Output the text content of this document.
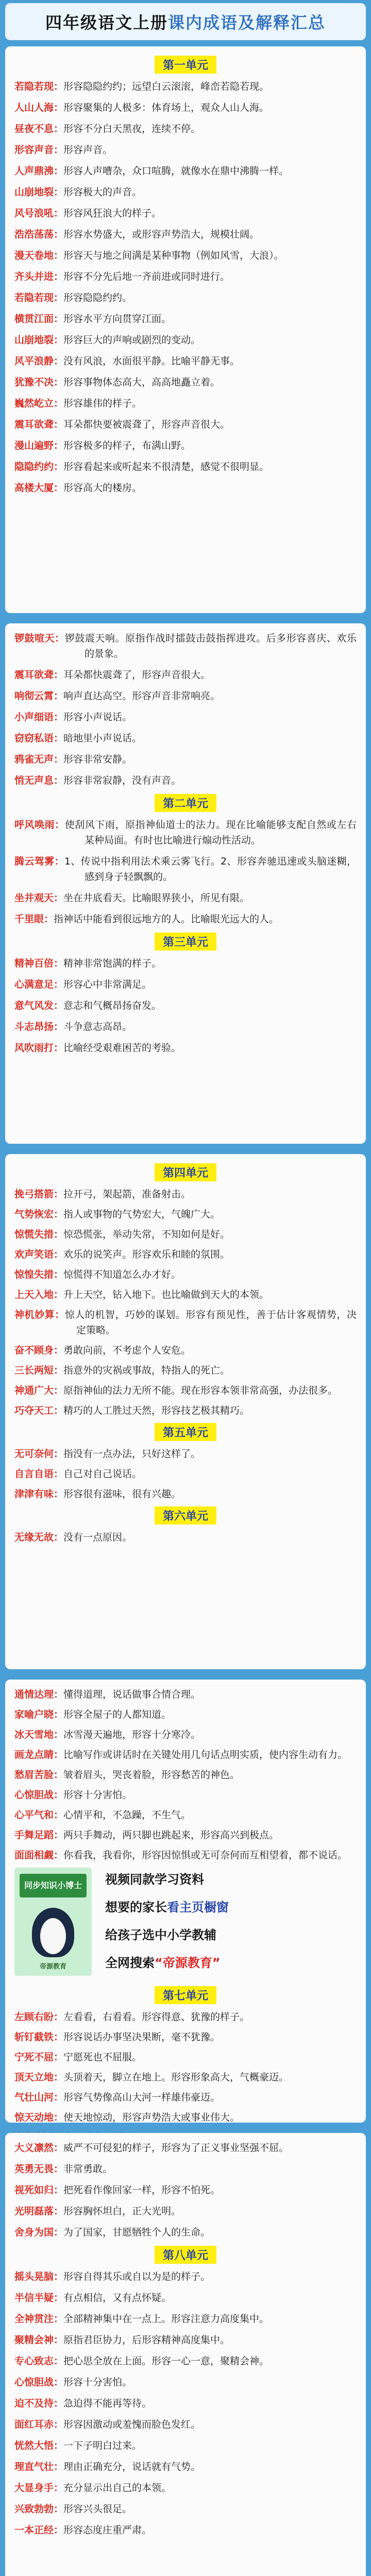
四年级语文上册课内成语及解释汇总
第一单元
若隐若现：形容隐隐约约；远望白云滚滚，峰峦若隐若现。
人山人海：形容聚集的人极多：体育场上，观众人山人海。
昼夜不息：形容不分白天黑夜，连续不停。
形容声音：形容声音。
人声鼎沸：形容人声嘈杂，众口喧腾，就像水在鼎中沸腾一样。
山崩地裂：形容极大的声音。
风号浪吼：形容风狂浪大的样子。
浩浩荡荡：形容水势盛大，或形容声势浩大，规模壮阔。
漫天卷地：形容天与地之间满是某种事物（例如风雪，大浪）。
齐头并进：形容不分先后地一齐前进或同时进行。
若隐若现：形容隐隐约约。
横贯江面：形容水平方向贯穿江面。
山崩地裂：形容巨大的声响或剧烈的变动。
风平浪静：没有风浪，水面很平静。比喻平静无事。
犹豫不决：形容事物体态高大，高高地矗立着。
巍然屹立：形容雄伟的样子。
震耳欲聋：耳朵都快要被震聋了，形容声音很大。
漫山遍野：形容极多的样子，布满山野。
隐隐约约：形容看起来或听起来不很清楚，感觉不很明显。
高楼大厦：形容高大的楼房。
锣鼓喧天：锣鼓震天响。原指作战时擂鼓击鼓指挥进攻。后多形容喜庆、欢乐的景象。
震耳欲聋：耳朵都快震聋了，形容声音很大。
响彻云霄：响声直达高空。形容声音非常响亮。
小声细语：形容小声说话。
窃窃私语：暗地里小声说话。
鸦雀无声：形容非常安静。
悄无声息：形容非常寂静，没有声音。
第二单元
呼风唤雨：使刮风下雨，原指神仙道士的法力。现在比喻能够支配自然或左右某种局面。有时也比喻进行煽动性活动。
腾云驾雾：1、传说中指利用法术乘云雾飞行。2、形容奔驰迅速或头脑迷糊，感到身子轻飘飘的。
坐井观天：坐在井底看天。比喻眼界狭小，所见有限。
千里眼：指神话中能看到很远地方的人。比喻眼光远大的人。
第三单元
精神百倍：精神非常饱满的样子。
心满意足：形容心中非常满足。
意气风发：意志和气概昂扬奋发。
斗志昂扬：斗争意志高昂。
风吹雨打：比喻经受艰难困苦的考验。
第四单元
挽弓搭箭：拉开弓，架起箭，准备射击。
气势恢宏：指人或事物的气势宏大，气魄广大。
惊慌失措：惊恐慌张，举动失常，不知如何是好。
欢声笑语：欢乐的说笑声。形容欢乐和睦的氛围。
惊惶失措：惊慌得不知道怎么办才好。
上天入地：升上天空，钻入地下。也比喻做到天大的本领。
神机妙算：惊人的机智，巧妙的谋划。形容有预见性，善于估计客观情势，决定策略。
奋不顾身：勇敢向前，不考虑个人安危。
三长两短：指意外的灾祸或事故，特指人的死亡。
神通广大：原指神仙的法力无所不能。现在形容本领非常高强，办法很多。
巧夺天工：精巧的人工胜过天然，形容技艺极其精巧。
第五单元
无可奈何：指没有一点办法，只好这样了。
自言自语：自己对自己说话。
津津有味：形容很有滋味，很有兴趣。
第六单元
无缘无故：没有一点原因。
通情达理：懂得道理，说话做事合情合理。
家喻户晓：形容全屋子的人都知道。
冰天雪地：冰雪漫天遍地，形容十分寒冷。
画龙点睛：比喻写作或讲话时在关键处用几句话点明实质，使内容生动有力。
愁眉苦脸：皱着眉头，哭丧着脸，形容愁苦的神色。
心惊胆战：形容十分害怕。
心平气和：心情平和，不急躁，不生气。
手舞足蹈：两只手舞动，两只脚也跳起来，形容高兴到极点。
面面相觑：你看我，我看你，形容因惊惧或无可奈何而互相望着，都不说话。
同步知识小博士
帝源教育
视频同款学习资料
想要的家长看主页橱窗
给孩子选中小学教辅
全网搜索“帝源教育”
第七单元
左顾右盼：左看看，右看看。形容得意、犹豫的样子。
斩钉截铁：形容说话办事坚决果断，毫不犹豫。
宁死不屈：宁愿死也不屈服。
顶天立地：头顶着天，脚立在地上。形容形象高大，气概豪迈。
气壮山河：形容气势像高山大河一样雄伟豪迈。
惊天动地：使天地惊动，形容声势浩大或事业伟大。
大义凛然：威严不可侵犯的样子，形容为了正义事业坚强不屈。
英勇无畏：非常勇敢。
视死如归：把死看作像回家一样，形容不怕死。
光明磊落：形容胸怀坦白，正大光明。
舍身为国：为了国家，甘愿牺牲个人的生命。
第八单元
摇头晃脑：形容自得其乐或自以为是的样子。
半信半疑：有点相信，又有点怀疑。
全神贯注：全部精神集中在一点上。形容注意力高度集中。
聚精会神：原指君臣协力，后形容精神高度集中。
专心致志：把心思全放在上面。形容一心一意，聚精会神。
心惊胆战：形容十分害怕。
迫不及待：急迫得不能再等待。
面红耳赤：形容因激动或羞愧而脸色发红。
恍然大悟：一下子明白过来。
理直气壮：理由正确充分，说话就有气势。
大显身手：充分显示出自己的本领。
兴致勃勃：形容兴头很足。
一本正经：形容态度庄重严肃。
